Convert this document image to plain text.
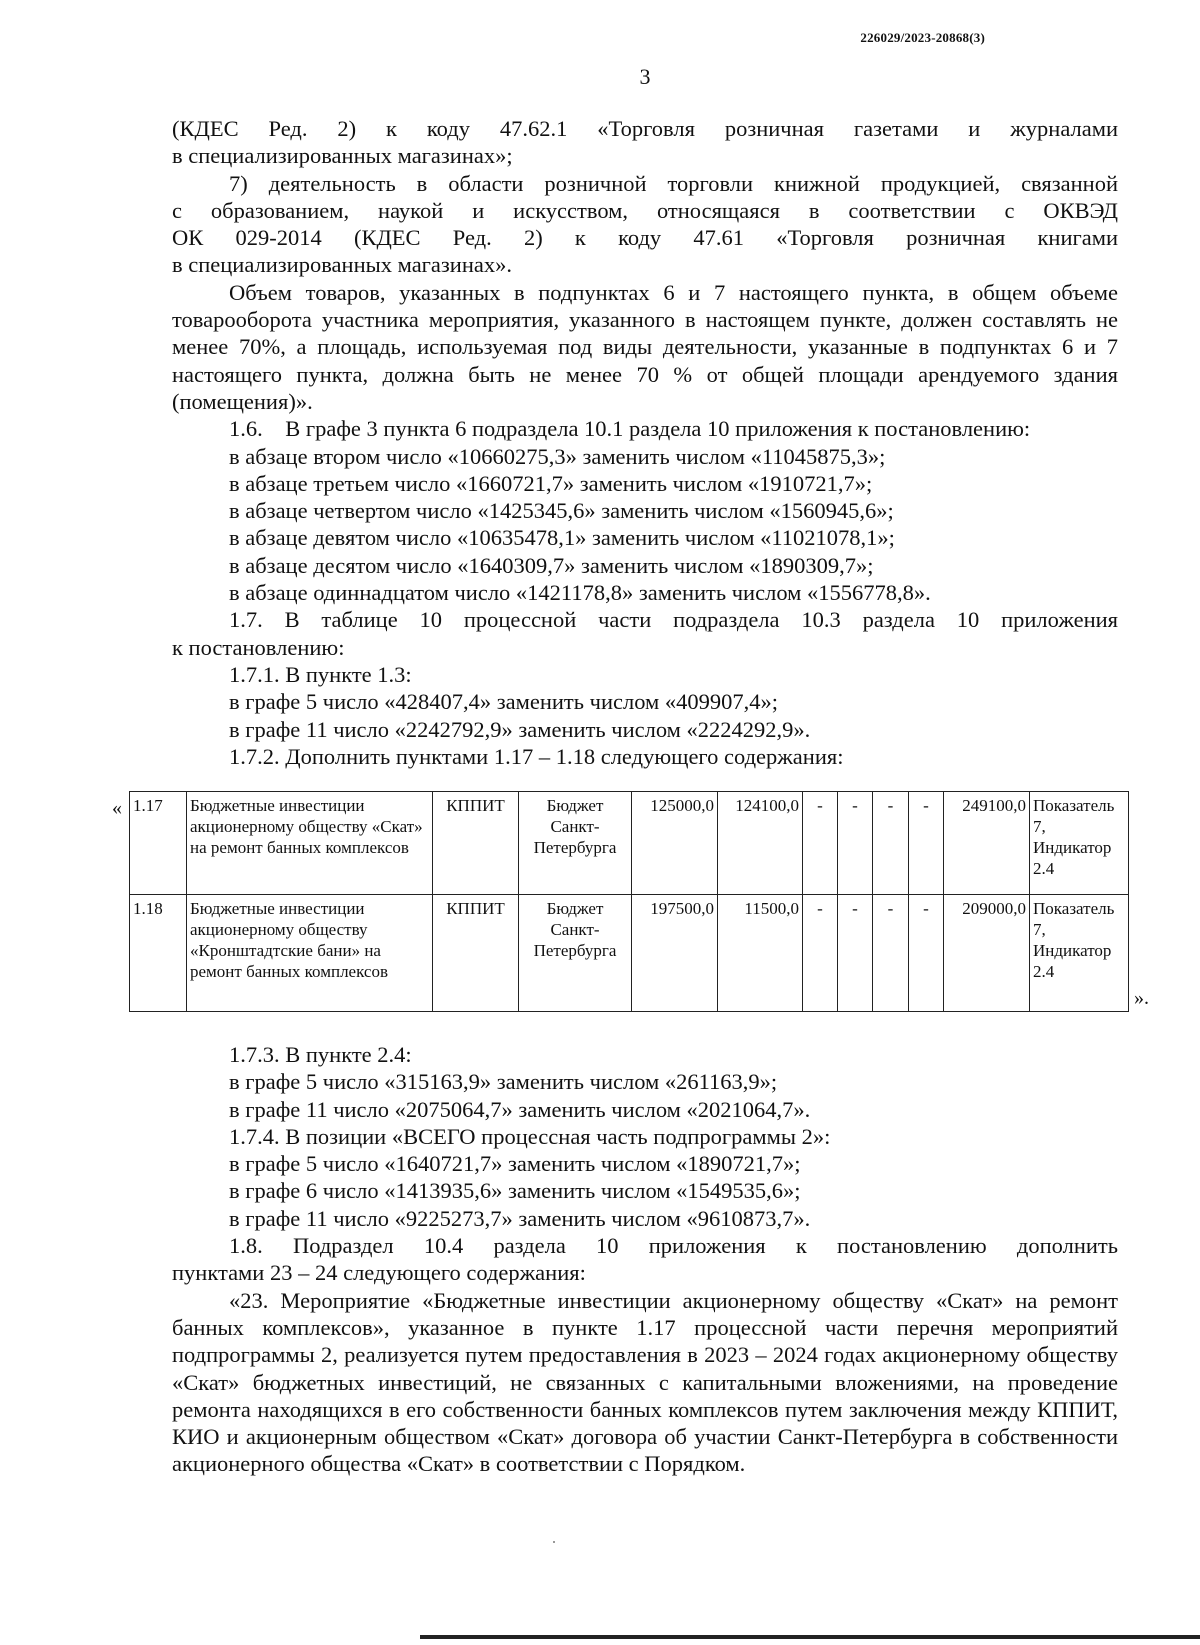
226029/2023-20868(3)
3

(КДЕС Ред. 2) к коду 47.62.1 «Торговля розничная газетами и журналами

в специализированных магазинах»;

7) деятельность в области розничной торговли книжной продукцией, связанной

с образованием, наукой и искусством, относящаяся в соответствии с ОКВЭД

ОК 029-2014 (КДЕС Ред. 2) к коду 47.61 «Торговля розничная книгами

в специализированных магазинах».

Объем товаров, указанных в подпунктах 6 и 7 настоящего пункта, в общем объеме товарооборота участника мероприятия, указанного в настоящем пункте, должен составлять не менее 70%, а площадь, используемая под виды деятельности, указанные в подпунктах 6 и 7 настоящего пункта, должна быть не менее 70 % от общей площади арендуемого здания (помещения)».

1.6.    В графе 3 пункта 6 подраздела 10.1 раздела 10 приложения к постановлению:

в абзаце втором число «10660275,3» заменить числом «11045875,3»;

в абзаце третьем число «1660721,7» заменить числом «1910721,7»;

в абзаце четвертом число «1425345,6» заменить числом «1560945,6»;

в абзаце девятом число «10635478,1» заменить числом «11021078,1»;

в абзаце десятом число «1640309,7» заменить числом «1890309,7»;

в абзаце одиннадцатом число «1421178,8» заменить числом «1556778,8».

1.7. В таблице 10 процессной части подраздела 10.3 раздела 10 приложения

к постановлению:

1.7.1. В пункте 1.3:

в графе 5 число «428407,4» заменить числом «409907,4»;

в графе 11 число «2242792,9» заменить числом «2224292,9».

1.7.2. Дополнить пунктами 1.17 – 1.18 следующего содержания:

« 1.17	Бюджетные инвестиции акционерному обществу «Скат» на ремонт банных комплексов	КППИТ	Бюджет Санкт-Петербурга	125000,0	124100,0	-	-	-	-	249100,0	Показатель 7, Индикатор 2.4
1.18	Бюджетные инвестиции акционерному обществу «Кронштадтские бани» на ремонт банных комплексов	КППИТ	Бюджет Санкт-Петербурга	197500,0	11500,0	-	-	-	-	209000,0	Показатель 7, Индикатор 2.4
».

1.7.3. В пункте 2.4:

в графе 5 число «315163,9» заменить числом «261163,9»;

в графе 11 число «2075064,7» заменить числом «2021064,7».

1.7.4. В позиции «ВСЕГО процессная часть подпрограммы 2»:

в графе 5 число «1640721,7» заменить числом «1890721,7»;

в графе 6 число «1413935,6» заменить числом «1549535,6»;

в графе 11 число «9225273,7» заменить числом «9610873,7».

1.8. Подраздел 10.4 раздела 10 приложения к постановлению дополнить

пунктами 23 – 24 следующего содержания:

«23. Мероприятие «Бюджетные инвестиции акционерному обществу «Скат» на ремонт банных комплексов», указанное в пункте 1.17 процессной части перечня мероприятий подпрограммы 2, реализуется путем предоставления в 2023 – 2024 годах акционерному обществу «Скат» бюджетных инвестиций, не связанных с капитальными вложениями, на проведение ремонта находящихся в его собственности банных комплексов путем заключения между КППИТ, КИО и акционерным обществом «Скат» договора об участии Санкт-Петербурга в собственности акционерного общества «Скат» в соответствии с Порядком.
